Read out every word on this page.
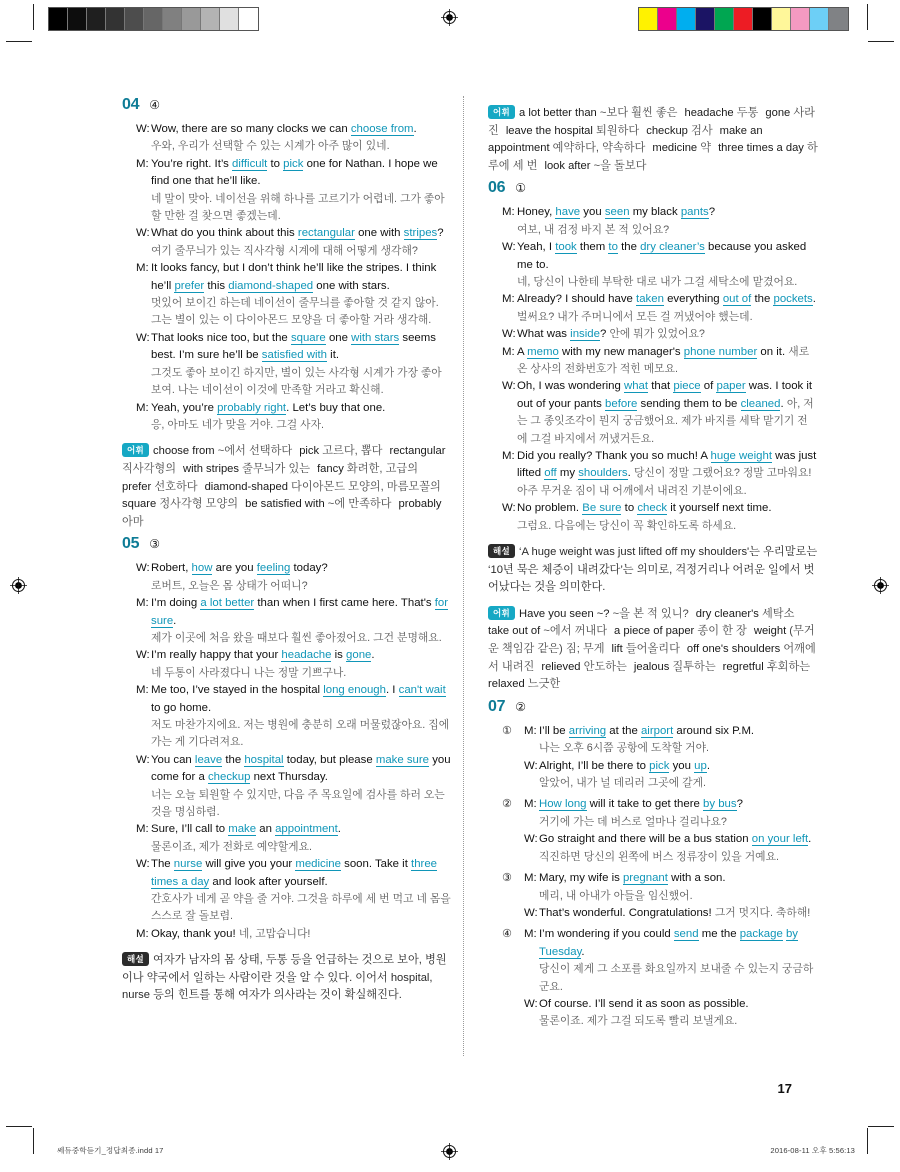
04 ④
W: Wow, there are so many clocks we can choose from.
우와, 우리가 선택할 수 있는 시계가 아주 많이 있네.
M: You’re right. It’s difficult to pick one for Nathan. I hope we find one that he’ll like.
네 말이 맞아. 네이선을 위해 하나를 고르기가 어렵네. 그가 좋아할 만한 걸 찾으면 좋겠는데.
W: What do you think about this rectangular one with stripes?
여기 줄무늬가 있는 직사각형 시계에 대해 어떻게 생각해?
M: It looks fancy, but I don’t think he’ll like the stripes. I think he’ll prefer this diamond-shaped one with stars.
멋있어 보이긴 하는데 네이선이 줄무늬를 좋아할 것 같지 않아. 그는 별이 있는 이 다이아몬드 모양을 더 좋아할 거라 생각해.
W: That looks nice too, but the square one with stars seems best. I’m sure he’ll be satisfied with it.
그것도 좋아 보이긴 하지만, 별이 있는 사각형 시계가 가장 좋아 보여. 나는 네이선이 이것에 만족할 거라고 확신해.
M: Yeah, you’re probably right. Let’s buy that one.
응, 아마도 네가 맞을 거야. 그걸 사자.
어휘 choose from ~에서 선택하다 pick 고르다, 뽑다 rectangular 직사각형의 with stripes 줄무늬가 있는 fancy 화려한, 고급의prefer 선호하다 diamond-shaped 다이아몬드 모양의, 마름모꼴의square 정사각형 모양의 be satisfied with ~에 만족하다 probably 아마
05 ③
W: Robert, how are you feeling today?
로버트, 오늘은 몸 상태가 어떠니?
M: I’m doing a lot better than when I first came here. That's for sure.
제가 이곳에 처음 왔을 때보다 훨씬 좋아졌어요. 그건 분명해요.
W: I’m really happy that your headache is gone.
네 두통이 사라졌다니 나는 정말 기쁘구나.
M: Me too, I’ve stayed in the hospital long enough. I can't wait to go home.
저도 마찬가지에요. 저는 병원에 충분히 오래 머물렀잖아요. 집에 가는 게 기다려져요.
W: You can leave the hospital today, but please make sure you come for a checkup next Thursday.
너는 오늘 퇴원할 수 있지만, 다음 주 목요일에 검사를 하러 오는 것을 명심하렴.
M: Sure, I’ll call to make an appointment.
물론이죠, 제가 전화로 예약할게요.
W: The nurse will give you your medicine soon. Take it three times a day and look after yourself.
간호사가 네게 곧 약을 줄 거야. 그것을 하루에 세 번 먹고 네 몸을 스스로 잘 돌보렴.
M: Okay, thank you! 네, 고맙습니다!
해설 여자가 남자의 몸 상태, 두통 등을 언급하는 것으로 보아, 병원이나 약국에서 일하는 사람이란 것을 알 수 있다. 이어서 hospital, nurse 등의 힌트를 통해 여자가 의사라는 것이 확실해진다.
어휘 a lot better than ~보다 훨씬 좋은 headache 두통 gone 사라진 leave the hospital 퇴원하다 checkup 검사 make an appointment 예약하다, 약속하다 medicine 약 three times a day 하루에 세 번 look after ~을 돌보다
06 ①
M: Honey, have you seen my black pants?
여보, 내 검정 바지 본 적 있어요?
W: Yeah, I took them to the dry cleaner’s because you asked me to.
네, 당신이 나한테 부탁한 대로 내가 그걸 세탁소에 맡겼어요.
M: Already? I should have taken everything out of the pockets. 벌써요? 내가 주머니에서 모든 걸 꺼냈어야 했는데.
W: What was inside? 안에 뭐가 있었어요?
M: A memo with my new manager's phone number on it. 새로 온 상사의 전화번호가 적힌 메모요.
W: Oh, I was wondering what that piece of paper was. I took it out of your pants before sending them to be cleaned. 아, 저는 그 종잇조각이 뭔지 궁금했어요. 제가 바지를 세탁 맡기기 전에 그걸 바지에서 꺼냈거든요.
M: Did you really? Thank you so much! A huge weight was just lifted off my shoulders. 당신이 정말 그랬어요? 정말 고마워요! 아주 무거운 짐이 내 어깨에서 내려진 기분이에요.
W: No problem. Be sure to check it yourself next time.
그럼요. 다음에는 당신이 꼭 확인하도록 하세요.
해설 ‘A huge weight was just lifted off my shoulders'는 우리말로는 ‘10년 묵은 체증이 내려갔다’는 의미로, 걱정거리나 어려운 일에서 벗어났다는 것을 의미한다.
어휘 Have you seen ~? ~을 본 적 있니? dry cleaner's 세탁소take out of ~에서 꺼내다 a piece of paper 종이 한 장 weight (무거운 책임감 같은) 짐; 무게 lift 들어올리다 off one's shoulders 어깨에서 내려진 relieved 안도하는 jealous 질투하는 regretful 후회하는relaxed 느긋한
07 ②
①	M: I’ll be arriving at the airport around six P.M.
나는 오후 6시쯤 공항에 도착할 거야.
W: Alright, I’ll be there to pick you up.
알았어, 내가 널 데리러 그곳에 갈게.
②	M: How long will it take to get there by bus?
거기에 가는 데 버스로 얼마나 걸리나요?
W: Go straight and there will be a bus station on your left.
직진하면 당신의 왼쪽에 버스 정류장이 있을 거예요.
③	M: Mary, my wife is pregnant with a son.
메리, 내 아내가 아들을 임신했어.
W: That’s wonderful. Congratulations! 그거 멋지다. 축하해!
④	M: I’m wondering if you could send me the package by Tuesday.
당신이 제게 그 소포를 화요일까지 보내줄 수 있는지 궁금하군요.
W: Of course. I’ll send it as soon as possible.
물론이죠. 제가 그걸 되도록 빨리 보낼게요.
17
쎄듀중학듣기_정답최종.indd 17	2016-08-11 오후 5:56:13
